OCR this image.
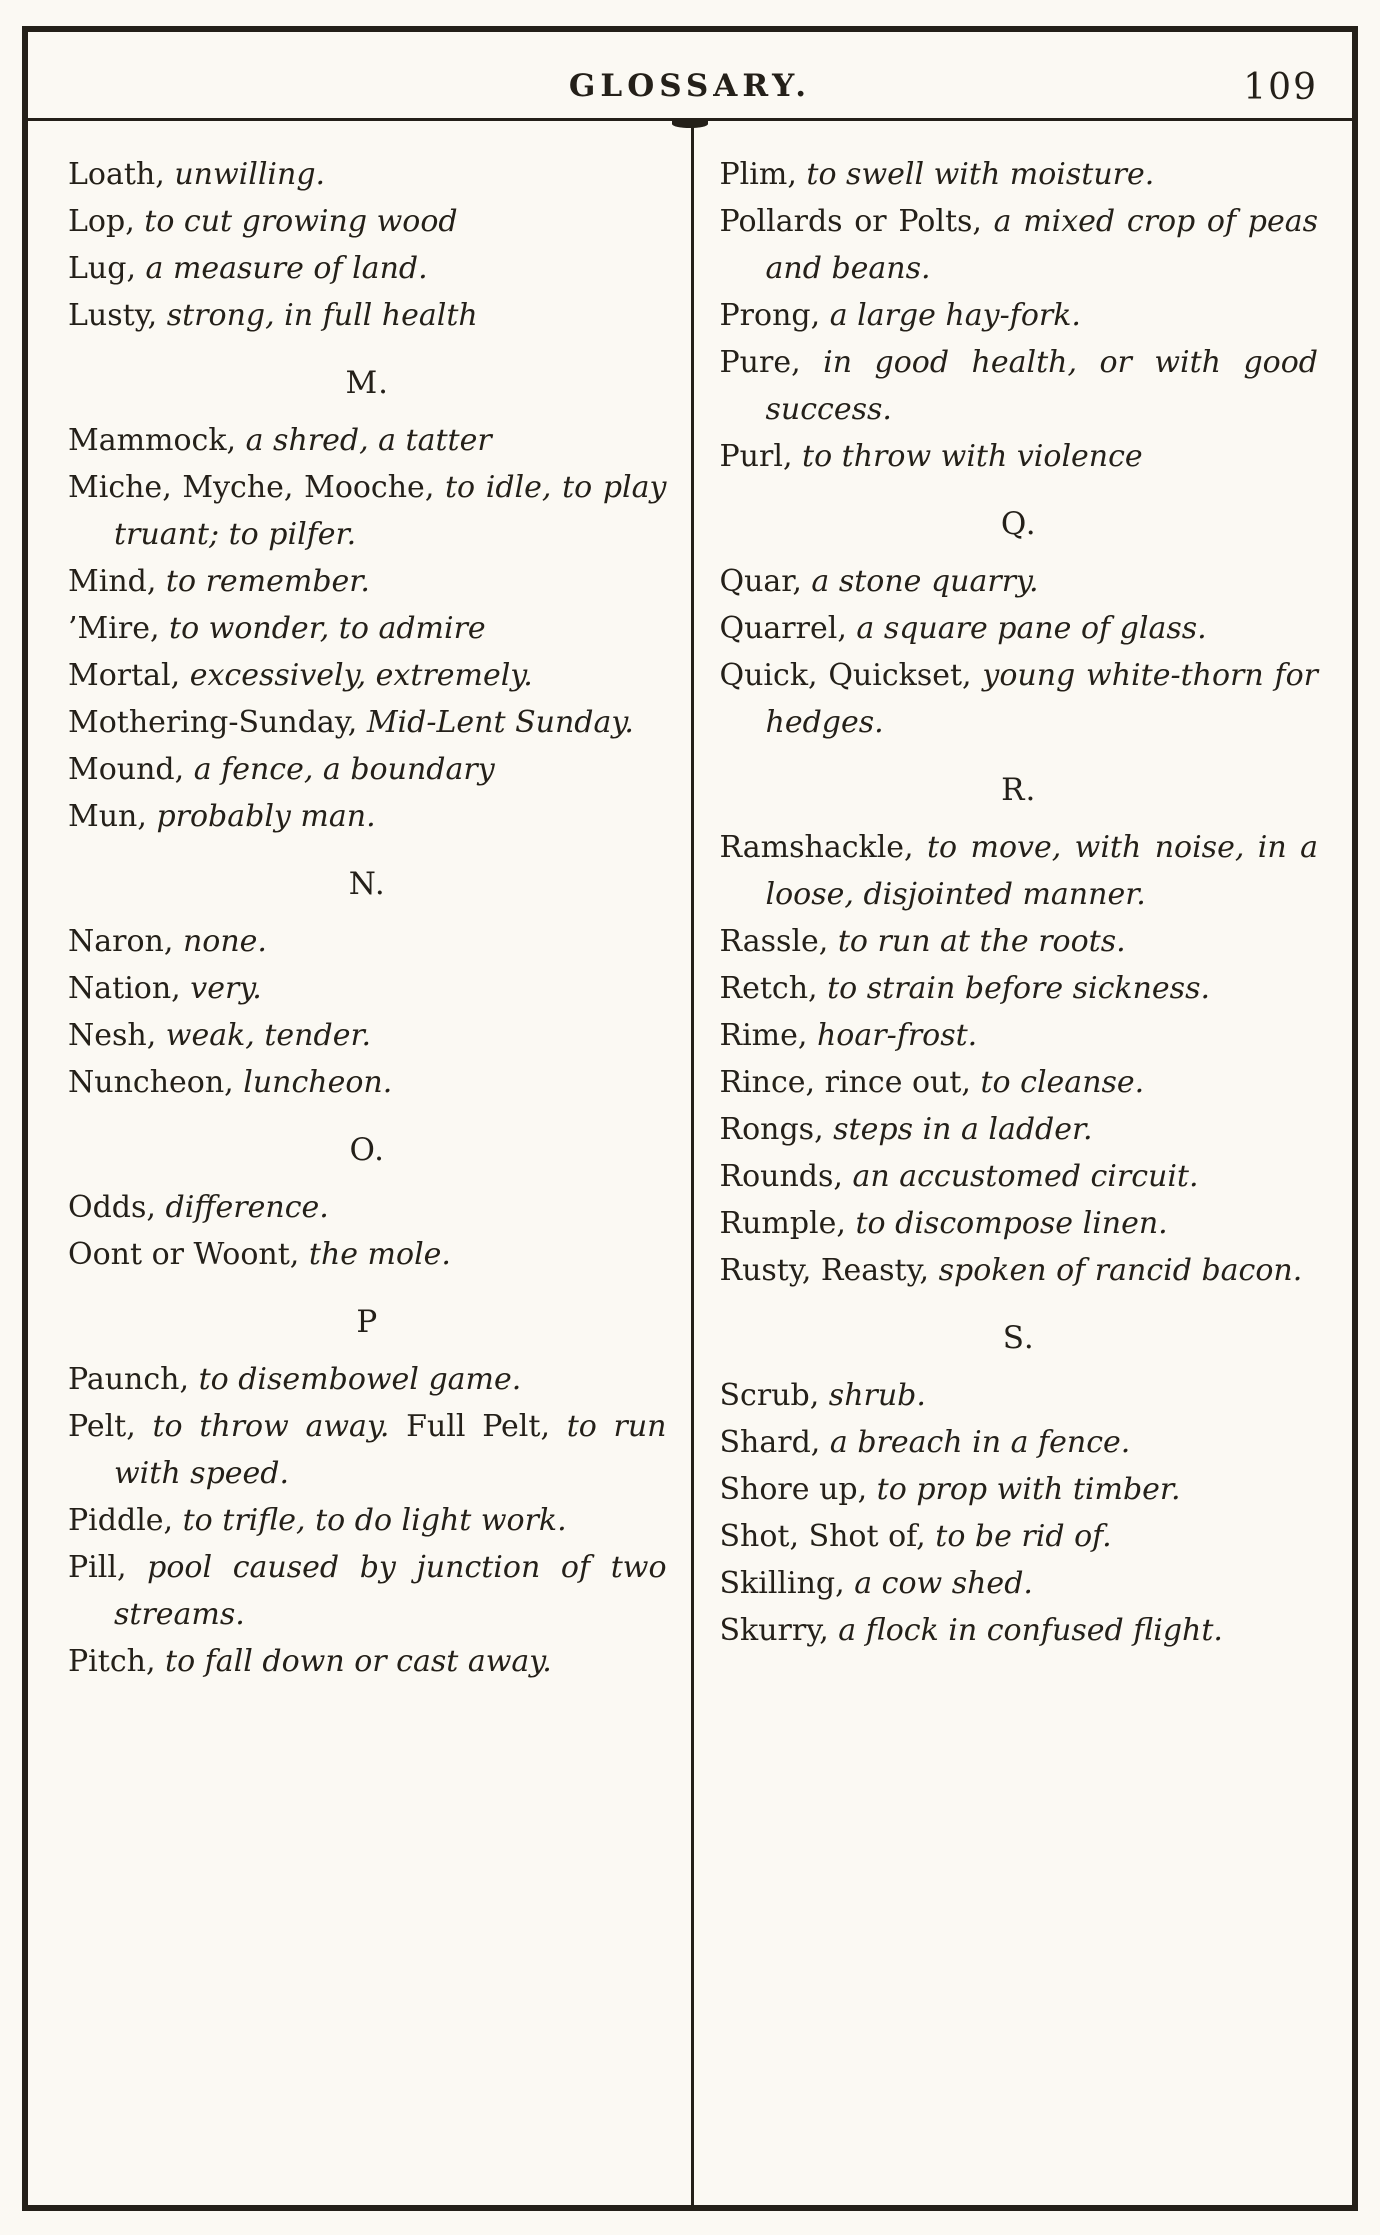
GLOSSARY.	109

Loath, unwilling.

Lop, to cut growing wood

Lug, a measure of land.

Lusty, strong, in full health

M.

Mammock, a shred, a tatter

Miche, Myche, Mooche, to idle, to play truant; to pilfer.

Mind, to remember.

’Mire, to wonder, to admire

Mortal, excessively, extremely.

Mothering-Sunday, Mid-Lent Sunday.

Mound, a fence, a boundary

Mun, probably man.

N.

Naron, none.

Nation, very.

Nesh, weak, tender.

Nuncheon, luncheon.

O.

Odds, difference.

Oont or Woont, the mole.

P

Paunch, to disembowel game.

Pelt, to throw away. Full Pelt, to run with speed.

Piddle, to trifle, to do light work.

Pill, pool caused by junction of two streams.

Pitch, to fall down or cast away.

Plim, to swell with moisture.

Pollards or Polts, a mixed crop of peas and beans.

Prong, a large hay-fork.

Pure, in good health, or with good success.

Purl, to throw with violence

Q.

Quar, a stone quarry.

Quarrel, a square pane of glass.

Quick, Quickset, young white-thorn for hedges.

R.

Ramshackle, to move, with noise, in a loose, disjointed manner.

Rassle, to run at the roots.

Retch, to strain before sickness.

Rime, hoar-frost.

Rince, rince out, to cleanse.

Rongs, steps in a ladder.

Rounds, an accustomed circuit.

Rumple, to discompose linen.

Rusty, Reasty, spoken of rancid bacon.

S.

Scrub, shrub.

Shard, a breach in a fence.

Shore up, to prop with timber.

Shot, Shot of, to be rid of.

Skilling, a cow shed.

Skurry, a flock in confused flight.
